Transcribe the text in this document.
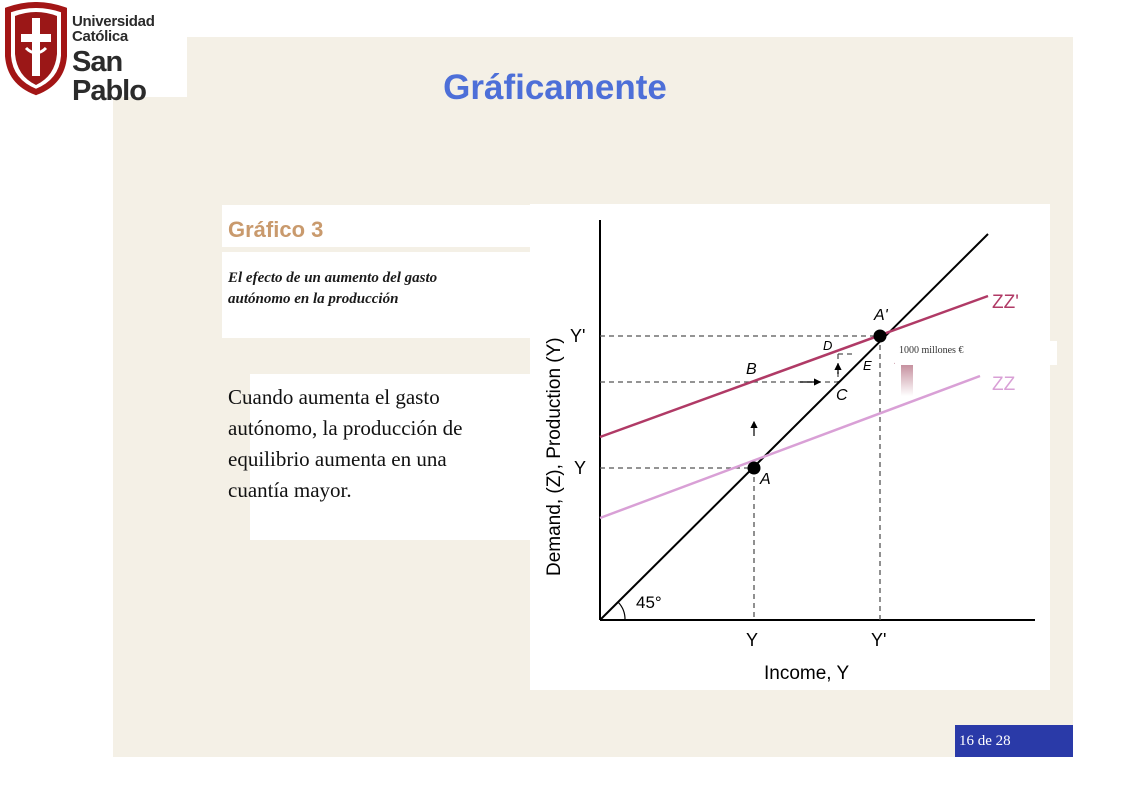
Universidad Católica
San Pablo	Gráficamente
Gráfico 3
El efecto de un aumento del gasto autónomo en la producción
Cuando aumenta el gasto autónomo, la producción de equilibrio aumenta en una cuantía mayor.	A
A'
B
C
D
E
ZZ'
ZZ
Y	Y'
Y
Y'
45°
Income, Y
Demand, (Z), Production (Y)	1000 millones €
16 de 28
